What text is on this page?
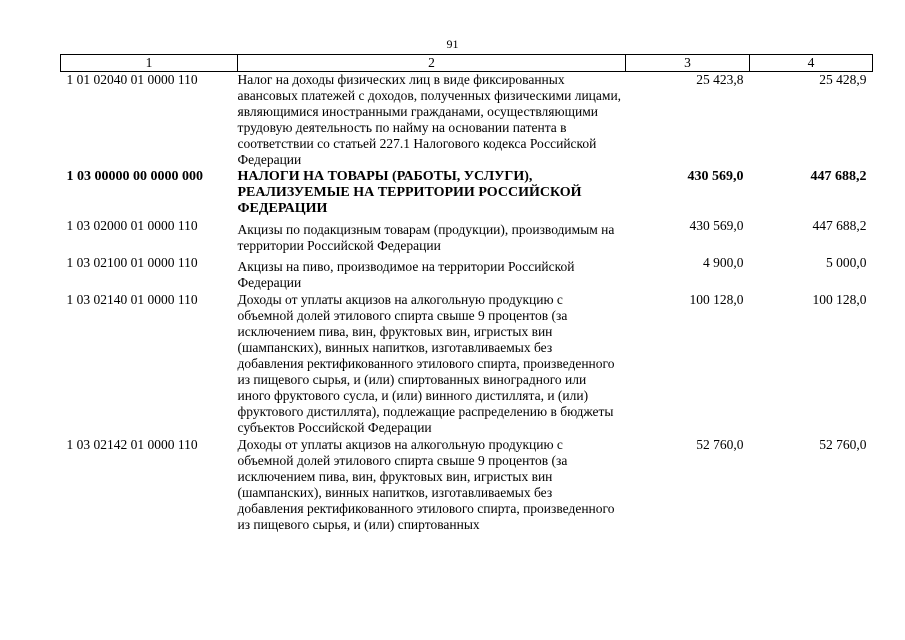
91
1	2	3	4
1 01 02040 01 0000 110	Налог на доходы физических лиц в виде фиксированных авансовых платежей с доходов, полученных физическими лицами, являющимися иностранными гражданами, осуществляющими трудовую деятельность по найму на основании патента в соответствии со статьей 227.1 Налогового кодекса Российской Федерации	25 423,8	25 428,9
1 03 00000 00 0000 000	НАЛОГИ НА ТОВАРЫ (РАБОТЫ, УСЛУГИ), РЕАЛИЗУЕМЫЕ НА ТЕРРИТОРИИ РОССИЙСКОЙ ФЕДЕРАЦИИ	430 569,0	447 688,2
1 03 02000 01 0000 110	Акцизы по подакцизным товарам (продукции), производимым на территории Российской Федерации	430 569,0	447 688,2
1 03 02100 01 0000 110	Акцизы на пиво, производимое на территории Российской Федерации	4 900,0	5 000,0
1 03 02140 01 0000 110	Доходы от уплаты акцизов на алкогольную продукцию с объемной долей этилового спирта свыше 9 процентов (за исключением пива, вин, фруктовых вин, игристых вин (шампанских), винных напитков, изготавливаемых без добавления ректификованного этилового спирта, произведенного из пищевого сырья, и (или) спиртованных виноградного или иного фруктового сусла, и (или) винного дистиллята, и (или) фруктового дистиллята), подлежащие распределению в бюджеты субъектов Российской Федерации	100 128,0	100 128,0
1 03 02142 01 0000 110	Доходы от уплаты акцизов на алкогольную продукцию с объемной долей этилового спирта свыше 9 процентов (за исключением пива, вин, фруктовых вин, игристых вин (шампанских), винных напитков, изготавливаемых без добавления ректификованного этилового спирта, произведенного из пищевого сырья, и (или) спиртованных	52 760,0	52 760,0
